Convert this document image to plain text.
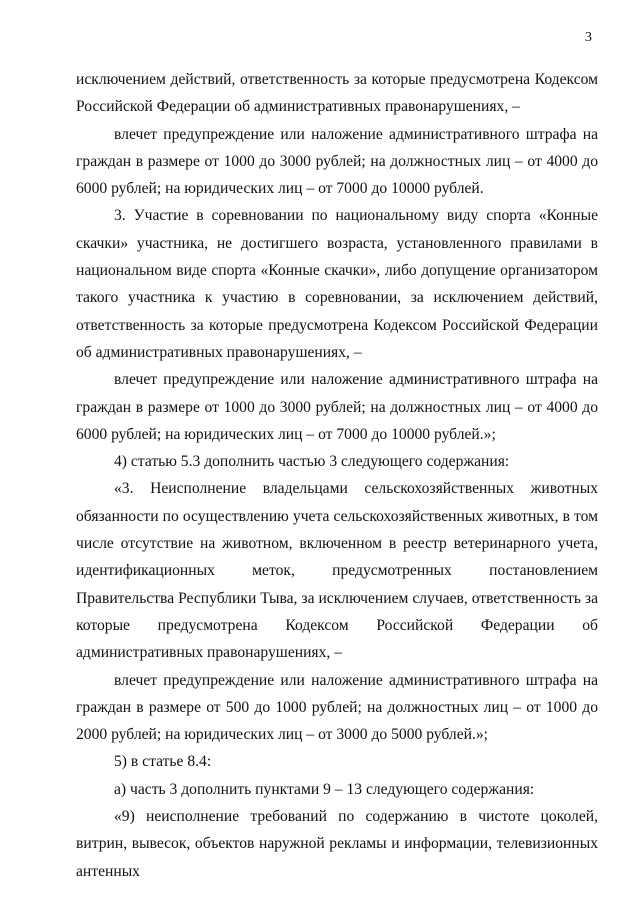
3

исключением действий, ответственность за которые предусмотрена Кодексом Российской Федерации об административных правонарушениях, –

влечет предупреждение или наложение административного штрафа на граждан в размере от 1000 до 3000 рублей; на должностных лиц – от 4000 до 6000 рублей; на юридических лиц – от 7000 до 10000 рублей.

3. Участие в соревновании по национальному виду спорта «Конные скачки» участника, не достигшего возраста, установленного правилами в национальном виде спорта «Конные скачки», либо допущение организатором такого участника к участию в соревновании, за исключением действий, ответственность за которые предусмотрена Кодексом Российской Федерации об административных правонарушениях, –

влечет предупреждение или наложение административного штрафа на граждан в размере от 1000 до 3000 рублей; на должностных лиц – от 4000 до 6000 рублей; на юридических лиц – от 7000 до 10000 рублей.»;

4) статью 5.3 дополнить частью 3 следующего содержания:

«3. Неисполнение владельцами сельскохозяйственных животных обязанности по осуществлению учета сельскохозяйственных животных, в том числе отсутствие на животном, включенном в реестр ветеринарного учета, идентификационных меток, предусмотренных постановлением Правительства Республики Тыва, за исключением случаев, ответственность за которые предусмотрена Кодексом Российской Федерации об административных правонарушениях, –

влечет предупреждение или наложение административного штрафа на граждан в размере от 500 до 1000 рублей; на должностных лиц – от 1000 до 2000 рублей; на юридических лиц – от 3000 до 5000 рублей.»;

5) в статье 8.4:

а) часть 3 дополнить пунктами 9 – 13 следующего содержания:

«9) неисполнение требований по содержанию в чистоте цоколей, витрин, вывесок, объектов наружной рекламы и информации, телевизионных антенных
